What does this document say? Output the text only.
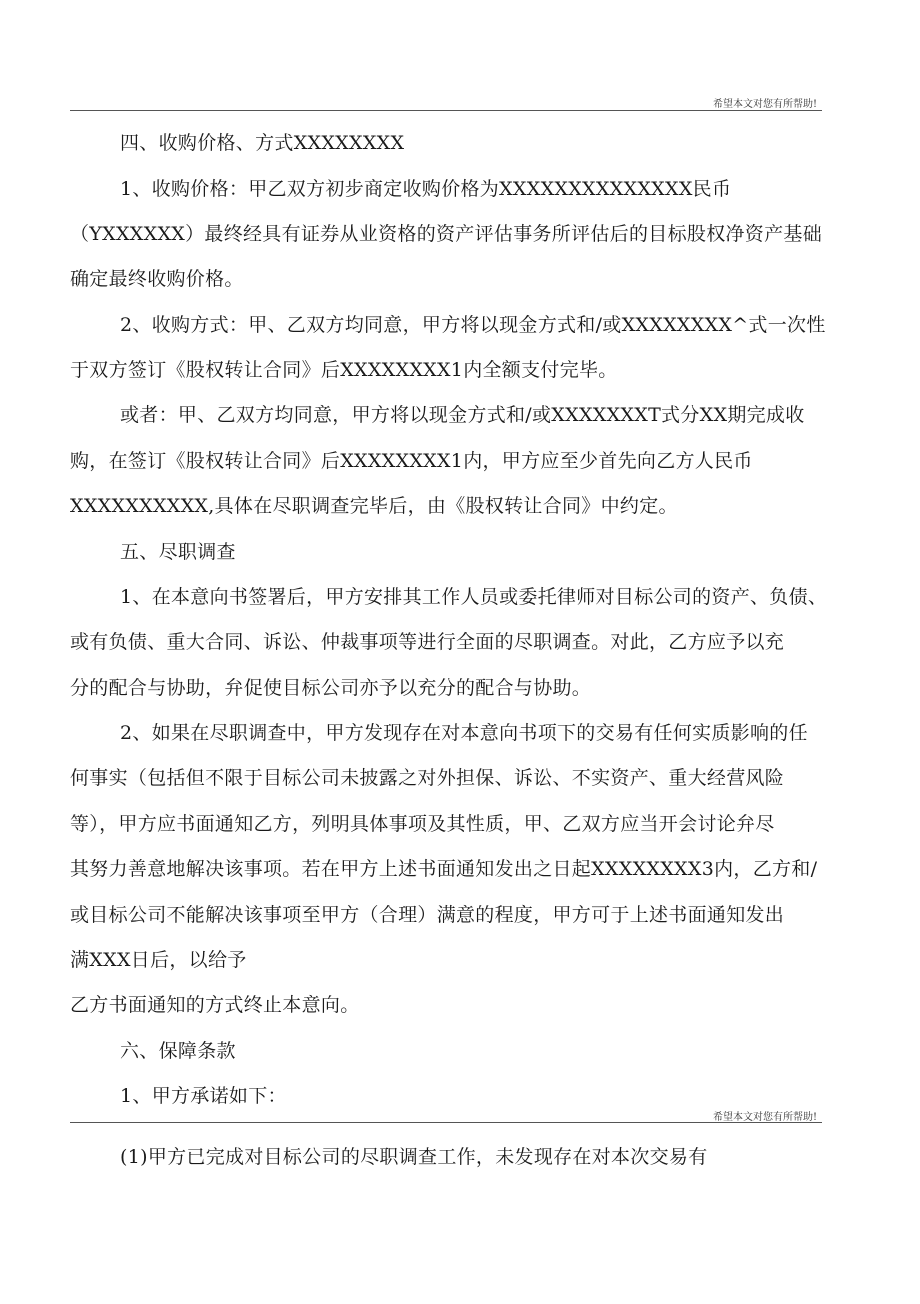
希望本文对您有所帮助!
四、收购价格、方式XXXXXXXX
1、收购价格：甲乙双方初步商定收购价格为XXXXXXXXXXXXXX民币
（YXXXXXX）最终经具有证券从业资格的资产评估事务所评估后的目标股权净资产基础
确定最终收购价格。
2、收购方式：甲、乙双方均同意，甲方将以现金方式和/或XXXXXXXX^式一次性
于双方签订《股权转让合同》后XXXXXXXX1内全额支付完毕。
或者：甲、乙双方均同意，甲方将以现金方式和/或XXXXXXXT式分XX期完成收
购，在签订《股权转让合同》后XXXXXXXX1内，甲方应至少首先向乙方人民币
XXXXXXXXXX,具体在尽职调查完毕后，由《股权转让合同》中约定。
五、尽职调查
1、在本意向书签署后，甲方安排其工作人员或委托律师对目标公司的资产、负债、
或有负债、重大合同、诉讼、仲裁事项等进行全面的尽职调查。对此，乙方应予以充
分的配合与协助，弁促使目标公司亦予以充分的配合与协助。
2、如果在尽职调查中，甲方发现存在对本意向书项下的交易有任何实质影响的任
何事实（包括但不限于目标公司未披露之对外担保、诉讼、不实资产、重大经营风险
等），甲方应书面通知乙方，列明具体事项及其性质，甲、乙双方应当开会讨论弁尽
其努力善意地解决该事项。若在甲方上述书面通知发出之日起XXXXXXXX3内，乙方和/
或目标公司不能解决该事项至甲方（合理）满意的程度，甲方可于上述书面通知发出
满XXX日后，以给予
乙方书面通知的方式终止本意向。
六、保障条款
1、甲方承诺如下：
希望本文对您有所帮助!
(1)甲方已完成对目标公司的尽职调查工作，未发现存在对本次交易有
